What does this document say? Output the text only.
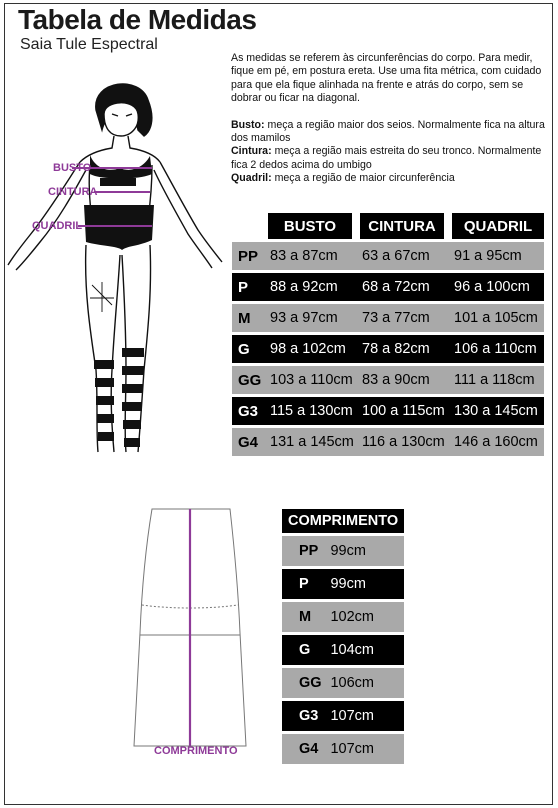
Tabela de Medidas
Saia Tule Espectral

As medidas se referem às circunferências do corpo. Para medir, fique em pé, em postura ereta. Use uma fita métrica, com cuidado para que ela fique alinhada na frente e atrás do corpo, sem se dobrar ou ficar na diagonal.

Busto: meça a região maior dos seios. Normalmente fica na altura dos mamilos
Cintura: meça a região mais estreita do seu tronco. Normalmente fica 2 dedos acima do umbigo
Quadril: meça a região de maior circunferência
BUSTO
CINTURA
QUADRIL
		BUSTO		CINTURA		QUADRIL
PP	83 a 87cm		63 a 67cm		91 a 95cm
P	88 a 92cm		68 a 72cm		96 a 100cm
M	93 a 97cm		73 a 77cm		101 a 105cm
G	98 a 102cm		78 a 82cm		106 a 110cm
GG	103 a 110cm		83 a 90cm		111 a 118cm
G3	115 a 130cm		100 a 115cm		130 a 145cm
G4	131 a 145cm		116 a 130cm		146 a 160cm
COMPRIMENTO
COMPRIMENTO	
PP	99cm
P	99cm
M	102cm
G	104cm
GG	106cm
G3	107cm
G4	107cm
